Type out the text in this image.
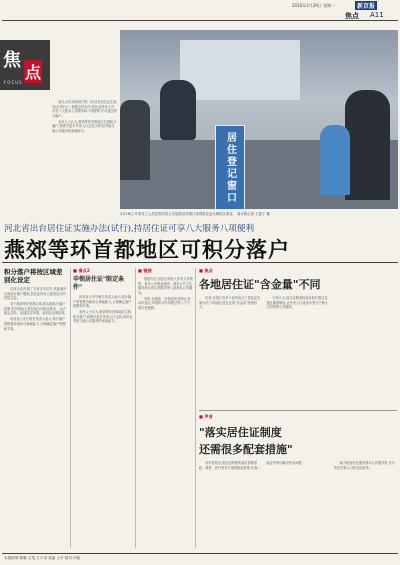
2016年2月29日 星期一	新京报
焦点 A11
焦
点
FOCUS

前日,河北省政府印发《河北省居住证实施办法(试行)》,根据这份办法,居住证持有人可享受八大基本公共服务和八项便利,并可通过积分落户。

业内人士认为,燕郊等环首都地区实施积分落户,将吸引更多外来人口定居,同时也考验当地公共服务的承载能力。

居住登记窗口
2月18日,外来务工人员在固安县公安局派出所窗口咨询居住证办理相关事宜。 新京报记者 王嘉宁 摄
河北省出台居住证实施办法(试行),持居住证可享八大服务八项便利
燕郊等环首都地区可积分落户
积分落户将按区域差别化设定

在河北省内,除了石家庄市区外,其他城市全面放开落户限制,居住证持有人按规定可申领居住证。

对于燕郊等环首都区域,将实施积分落户政策,积分指标主要包括合法稳定就业、合法稳定住所、连续居住年限、参加社会保险等。

河北省公安厅相关负责人表示,积分落户将根据各地综合承载能力,合理确定落户规模和节奏。

■ 看点2
申领居住证"限定条件"

河北省公安厅相关负责人表示,积分落户将根据各地综合承载能力,合理确定落户规模和节奏。

业内人士认为,燕郊等环首都地区实施积分落户,将吸引更多外来人口定居,同时也考验当地公共服务的承载能力。

■ 链接

根据办法,居住证持有人享有义务教育、基本公共就业服务、基本公共卫生服务和计划生育服务等八项基本公共服务。

同时,在换领、补领居民身份证,机动车登记,申领机动车驾驶证等八个方面享受便利。

■ 焦点
各地居住证"含金量"不同

目前,全国已有多个省份出台了居住证实施办法,不同地区居住证的"含金量"差别较大。

专家认为,居住证制度将逐步取代暂住证,通过梯度赋权,让外来人口逐步享受与户籍人口同等的公共服务。

■ 声音
"落实居住证制度
还需很多配套措施"

有学者指出,居住证制度的落实需要财政、教育、医疗等多方面的配套政策,仅靠一纸证件难以解决根本问题。	地方政府应在提供基本公共服务时,充分考虑外来人口的实际需求。

本版统筹 陈琳 主笔 王子卓 美编 王可 校对 何艳
